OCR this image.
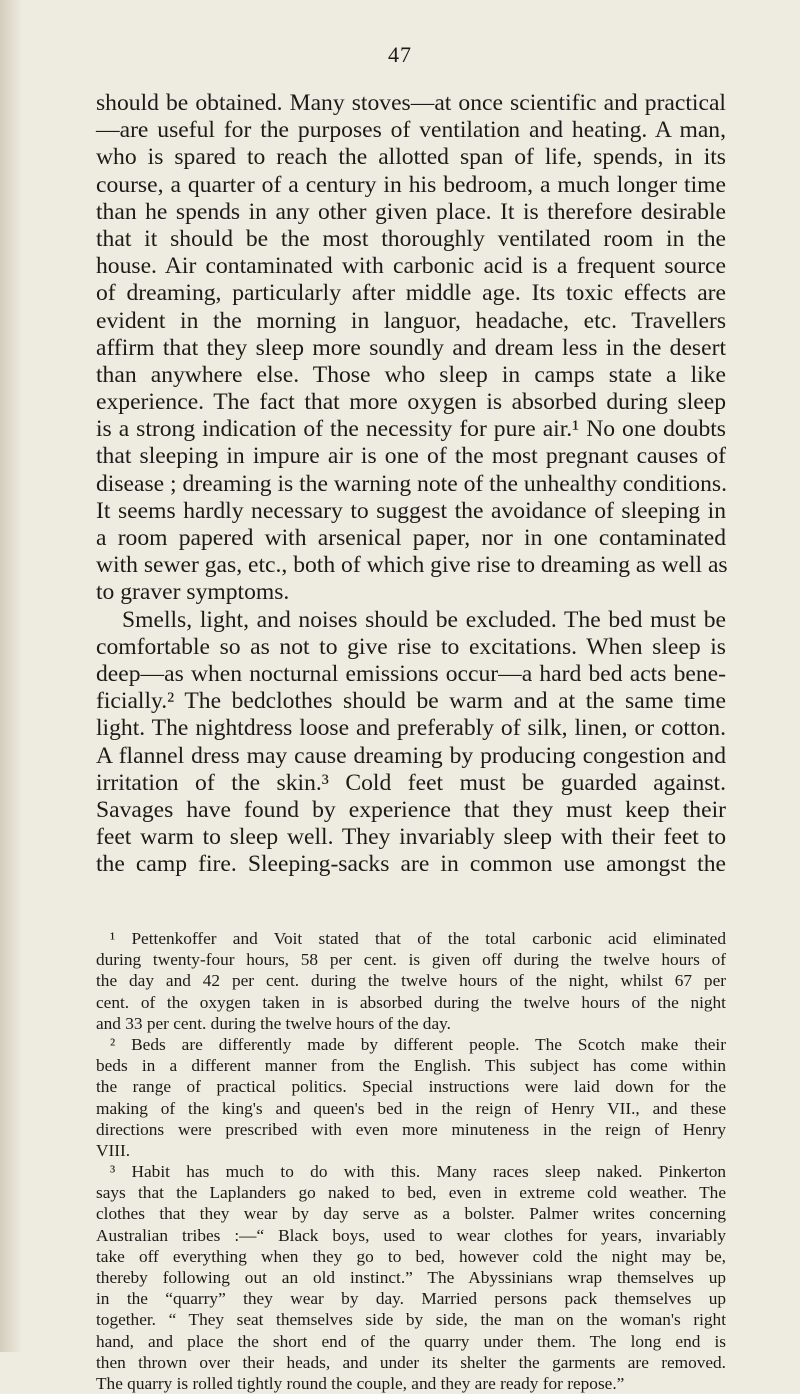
47
should be obtained. Many stoves—at once scientific and practical
—are useful for the purposes of ventilation and heating. A man,
who is spared to reach the allotted span of life, spends, in its
course, a quarter of a century in his bedroom, a much longer time
than he spends in any other given place. It is therefore desirable
that it should be the most thoroughly ventilated room in the
house. Air contaminated with carbonic acid is a frequent source
of dreaming, particularly after middle age. Its toxic effects are
evident in the morning in languor, headache, etc. Travellers
affirm that they sleep more soundly and dream less in the desert
than anywhere else. Those who sleep in camps state a like
experience. The fact that more oxygen is absorbed during sleep
is a strong indication of the necessity for pure air.¹ No one doubts
that sleeping in impure air is one of the most pregnant causes of
disease ; dreaming is the warning note of the unhealthy conditions.
It seems hardly necessary to suggest the avoidance of sleeping in
a room papered with arsenical paper, nor in one contaminated
with sewer gas, etc., both of which give rise to dreaming as well as
to graver symptoms.
Smells, light, and noises should be excluded. The bed must be
comfortable so as not to give rise to excitations. When sleep is
deep—as when nocturnal emissions occur—a hard bed acts bene-
ficially.² The bedclothes should be warm and at the same time
light. The nightdress loose and preferably of silk, linen, or cotton.
A flannel dress may cause dreaming by producing congestion and
irritation of the skin.³ Cold feet must be guarded against.
Savages have found by experience that they must keep their
feet warm to sleep well. They invariably sleep with their feet to
the camp fire. Sleeping-sacks are in common use amongst the
¹ Pettenkoffer and Voit stated that of the total carbonic acid eliminated
during twenty-four hours, 58 per cent. is given off during the twelve hours of
the day and 42 per cent. during the twelve hours of the night, whilst 67 per
cent. of the oxygen taken in is absorbed during the twelve hours of the night
and 33 per cent. during the twelve hours of the day.
² Beds are differently made by different people. The Scotch make their
beds in a different manner from the English. This subject has come within
the range of practical politics. Special instructions were laid down for the
making of the king's and queen's bed in the reign of Henry VII., and these
directions were prescribed with even more minuteness in the reign of Henry
VIII.
³ Habit has much to do with this. Many races sleep naked. Pinkerton
says that the Laplanders go naked to bed, even in extreme cold weather. The
clothes that they wear by day serve as a bolster. Palmer writes concerning
Australian tribes :—“ Black boys, used to wear clothes for years, invariably
take off everything when they go to bed, however cold the night may be,
thereby following out an old instinct.” The Abyssinians wrap themselves up
in the “quarry” they wear by day. Married persons pack themselves up
together. “ They seat themselves side by side, the man on the woman's right
hand, and place the short end of the quarry under them. The long end is
then thrown over their heads, and under its shelter the garments are removed.
The quarry is rolled tightly round the couple, and they are ready for repose.”
